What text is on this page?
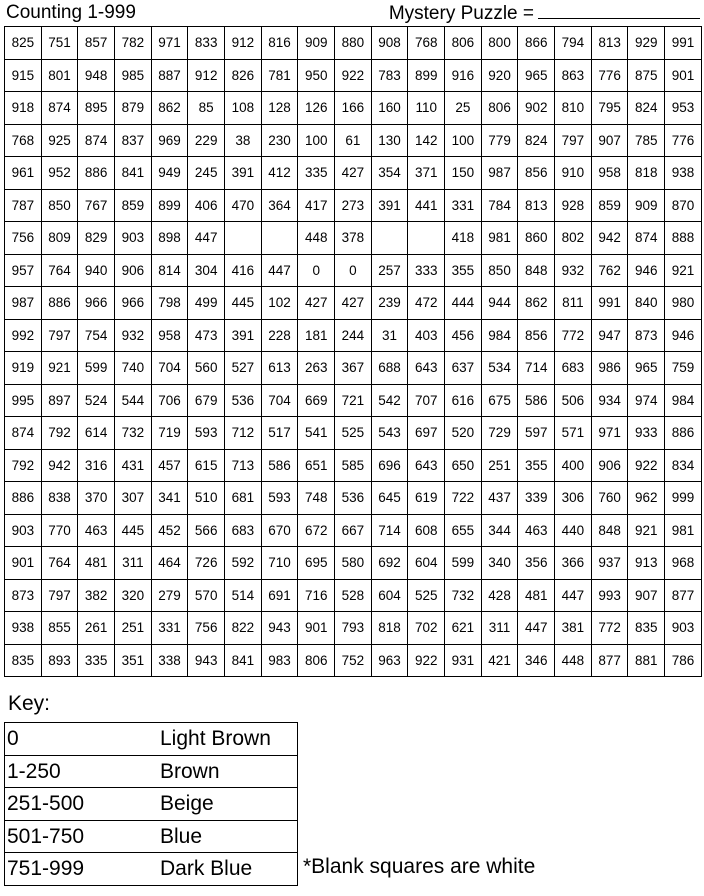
Counting 1-999	Mystery Puzzle =
825	751	857	782	971	833	912	816	909	880	908	768	806	800	866	794	813	929	991
915	801	948	985	887	912	826	781	950	922	783	899	916	920	965	863	776	875	901
918	874	895	879	862	85	108	128	126	166	160	110	25	806	902	810	795	824	953
768	925	874	837	969	229	38	230	100	61	130	142	100	779	824	797	907	785	776
961	952	886	841	949	245	391	412	335	427	354	371	150	987	856	910	958	818	938
787	850	767	859	899	406	470	364	417	273	391	441	331	784	813	928	859	909	870
756	809	829	903	898	447			448	378			418	981	860	802	942	874	888
957	764	940	906	814	304	416	447	0	0	257	333	355	850	848	932	762	946	921
987	886	966	966	798	499	445	102	427	427	239	472	444	944	862	811	991	840	980
992	797	754	932	958	473	391	228	181	244	31	403	456	984	856	772	947	873	946
919	921	599	740	704	560	527	613	263	367	688	643	637	534	714	683	986	965	759
995	897	524	544	706	679	536	704	669	721	542	707	616	675	586	506	934	974	984
874	792	614	732	719	593	712	517	541	525	543	697	520	729	597	571	971	933	886
792	942	316	431	457	615	713	586	651	585	696	643	650	251	355	400	906	922	834
886	838	370	307	341	510	681	593	748	536	645	619	722	437	339	306	760	962	999
903	770	463	445	452	566	683	670	672	667	714	608	655	344	463	440	848	921	981
901	764	481	311	464	726	592	710	695	580	692	604	599	340	356	366	937	913	968
873	797	382	320	279	570	514	691	716	528	604	525	732	428	481	447	993	907	877
938	855	261	251	331	756	822	943	901	793	818	702	621	311	447	381	772	835	903
835	893	335	351	338	943	841	983	806	752	963	922	931	421	346	448	877	881	786
Key:
0	Light Brown
1-250	Brown
251-500	Beige
501-750	Blue
751-999	Dark Blue *Blank squares are white
